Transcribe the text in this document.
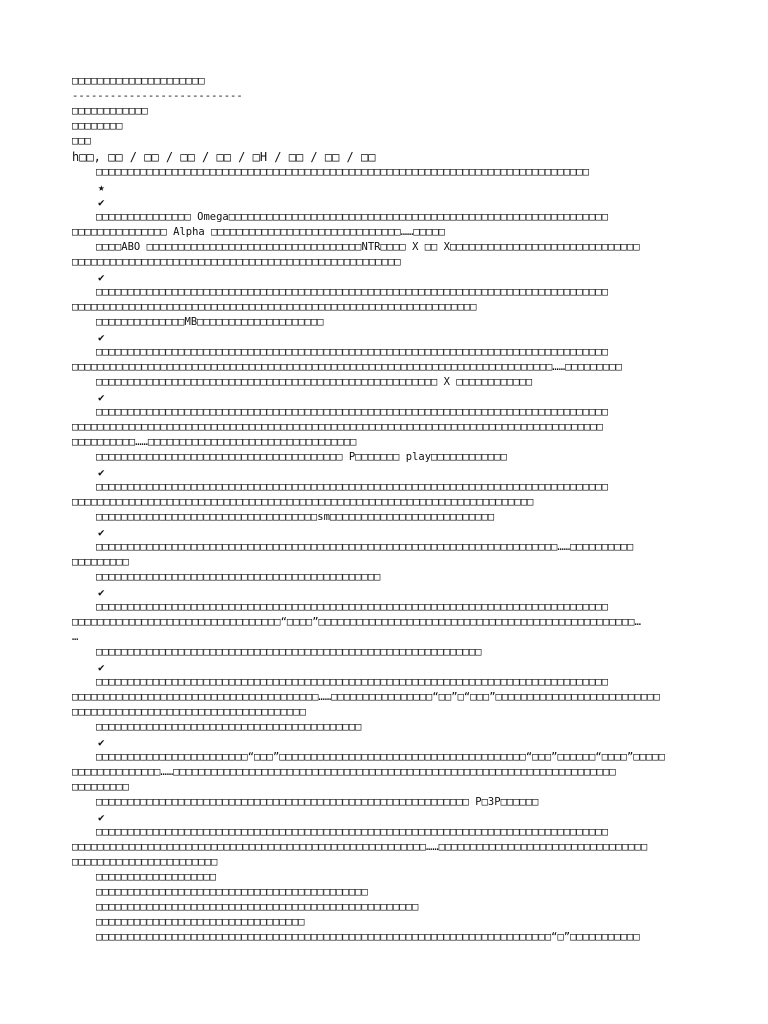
□□□□□□□□□□□□□□□□□□□□□
---------------------------
□□□□□□□□□□□□
□□□□□□□□
□□□
h□□, □□ / □□ / □□ / □□ / □H / □□ / □□ / □□
□□□□□□□□□□□□□□□□□□□□□□□□□□□□□□□□□□□□□□□□□□□□□□□□□□□□□□□□□□□□□□□□□□□□□□□□□□□□□□
★
✔
□□□□□□□□□□□□□□□ Omega□□□□□□□□□□□□□□□□□□□□□□□□□□□□□□□□□□□□□□□□□□□□□□□□□□□□□□□□□□□□
□□□□□□□□□□□□□□□ Alpha □□□□□□□□□□□□□□□□□□□□□□□□□□□□□□……□□□□□
□□□□ABO □□□□□□□□□□□□□□□□□□□□□□□□□□□□□□□□□□NTR□□□□ X □□ X□□□□□□□□□□□□□□□□□□□□□□□□□□□□□□
□□□□□□□□□□□□□□□□□□□□□□□□□□□□□□□□□□□□□□□□□□□□□□□□□□□□
✔
□□□□□□□□□□□□□□□□□□□□□□□□□□□□□□□□□□□□□□□□□□□□□□□□□□□□□□□□□□□□□□□□□□□□□□□□□□□□□□□□□
□□□□□□□□□□□□□□□□□□□□□□□□□□□□□□□□□□□□□□□□□□□□□□□□□□□□□□□□□□□□□□□□
□□□□□□□□□□□□□□MB□□□□□□□□□□□□□□□□□□□□
✔
□□□□□□□□□□□□□□□□□□□□□□□□□□□□□□□□□□□□□□□□□□□□□□□□□□□□□□□□□□□□□□□□□□□□□□□□□□□□□□□□□
□□□□□□□□□□□□□□□□□□□□□□□□□□□□□□□□□□□□□□□□□□□□□□□□□□□□□□□□□□□□□□□□□□□□□□□□□□□□……□□□□□□□□□
□□□□□□□□□□□□□□□□□□□□□□□□□□□□□□□□□□□□□□□□□□□□□□□□□□□□□□ X □□□□□□□□□□□□
✔
□□□□□□□□□□□□□□□□□□□□□□□□□□□□□□□□□□□□□□□□□□□□□□□□□□□□□□□□□□□□□□□□□□□□□□□□□□□□□□□□□
□□□□□□□□□□□□□□□□□□□□□□□□□□□□□□□□□□□□□□□□□□□□□□□□□□□□□□□□□□□□□□□□□□□□□□□□□□□□□□□□□□□□
□□□□□□□□□□……□□□□□□□□□□□□□□□□□□□□□□□□□□□□□□□□□
□□□□□□□□□□□□□□□□□□□□□□□□□□□□□□□□□□□□□□□ P□□□□□□□ play□□□□□□□□□□□□
✔
□□□□□□□□□□□□□□□□□□□□□□□□□□□□□□□□□□□□□□□□□□□□□□□□□□□□□□□□□□□□□□□□□□□□□□□□□□□□□□□□□
□□□□□□□□□□□□□□□□□□□□□□□□□□□□□□□□□□□□□□□□□□□□□□□□□□□□□□□□□□□□□□□□□□□□□□□□□
□□□□□□□□□□□□□□□□□□□□□□□□□□□□□□□□□□□sm□□□□□□□□□□□□□□□□□□□□□□□□□□
✔
□□□□□□□□□□□□□□□□□□□□□□□□□□□□□□□□□□□□□□□□□□□□□□□□□□□□□□□□□□□□□□□□□□□□□□□□□……□□□□□□□□□□
□□□□□□□□□
□□□□□□□□□□□□□□□□□□□□□□□□□□□□□□□□□□□□□□□□□□□□□
✔
□□□□□□□□□□□□□□□□□□□□□□□□□□□□□□□□□□□□□□□□□□□□□□□□□□□□□□□□□□□□□□□□□□□□□□□□□□□□□□□□□
□□□□□□□□□□□□□□□□□□□□□□□□□□□□□□□□□“□□□□”□□□□□□□□□□□□□□□□□□□□□□□□□□□□□□□□□□□□□□□□□□□□□□□□□□…
…
□□□□□□□□□□□□□□□□□□□□□□□□□□□□□□□□□□□□□□□□□□□□□□□□□□□□□□□□□□□□□
✔
□□□□□□□□□□□□□□□□□□□□□□□□□□□□□□□□□□□□□□□□□□□□□□□□□□□□□□□□□□□□□□□□□□□□□□□□□□□□□□□□□
□□□□□□□□□□□□□□□□□□□□□□□□□□□□□□□□□□□□□□□……□□□□□□□□□□□□□□□□“□□”□“□□□”□□□□□□□□□□□□□□□□□□□□□□□□□□
□□□□□□□□□□□□□□□□□□□□□□□□□□□□□□□□□□□□□
□□□□□□□□□□□□□□□□□□□□□□□□□□□□□□□□□□□□□□□□□□
✔
□□□□□□□□□□□□□□□□□□□□□□□□“□□□”□□□□□□□□□□□□□□□□□□□□□□□□□□□□□□□□□□□□□□□“□□□”□□□□□□“□□□□”□□□□□
□□□□□□□□□□□□□□……□□□□□□□□□□□□□□□□□□□□□□□□□□□□□□□□□□□□□□□□□□□□□□□□□□□□□□□□□□□□□□□□□□□□□□
□□□□□□□□□
□□□□□□□□□□□□□□□□□□□□□□□□□□□□□□□□□□□□□□□□□□□□□□□□□□□□□□□□□□□ P□3P□□□□□□
✔
□□□□□□□□□□□□□□□□□□□□□□□□□□□□□□□□□□□□□□□□□□□□□□□□□□□□□□□□□□□□□□□□□□□□□□□□□□□□□□□□□
□□□□□□□□□□□□□□□□□□□□□□□□□□□□□□□□□□□□□□□□□□□□□□□□□□□□□□□□……□□□□□□□□□□□□□□□□□□□□□□□□□□□□□□□□□
□□□□□□□□□□□□□□□□□□□□□□□
□□□□□□□□□□□□□□□□□□□
□□□□□□□□□□□□□□□□□□□□□□□□□□□□□□□□□□□□□□□□□□□
□□□□□□□□□□□□□□□□□□□□□□□□□□□□□□□□□□□□□□□□□□□□□□□□□□□
□□□□□□□□□□□□□□□□□□□□□□□□□□□□□□□□□
□□□□□□□□□□□□□□□□□□□□□□□□□□□□□□□□□□□□□□□□□□□□□□□□□□□□□□□□□□□□□□□□□□□□□□□□“□”□□□□□□□□□□□
